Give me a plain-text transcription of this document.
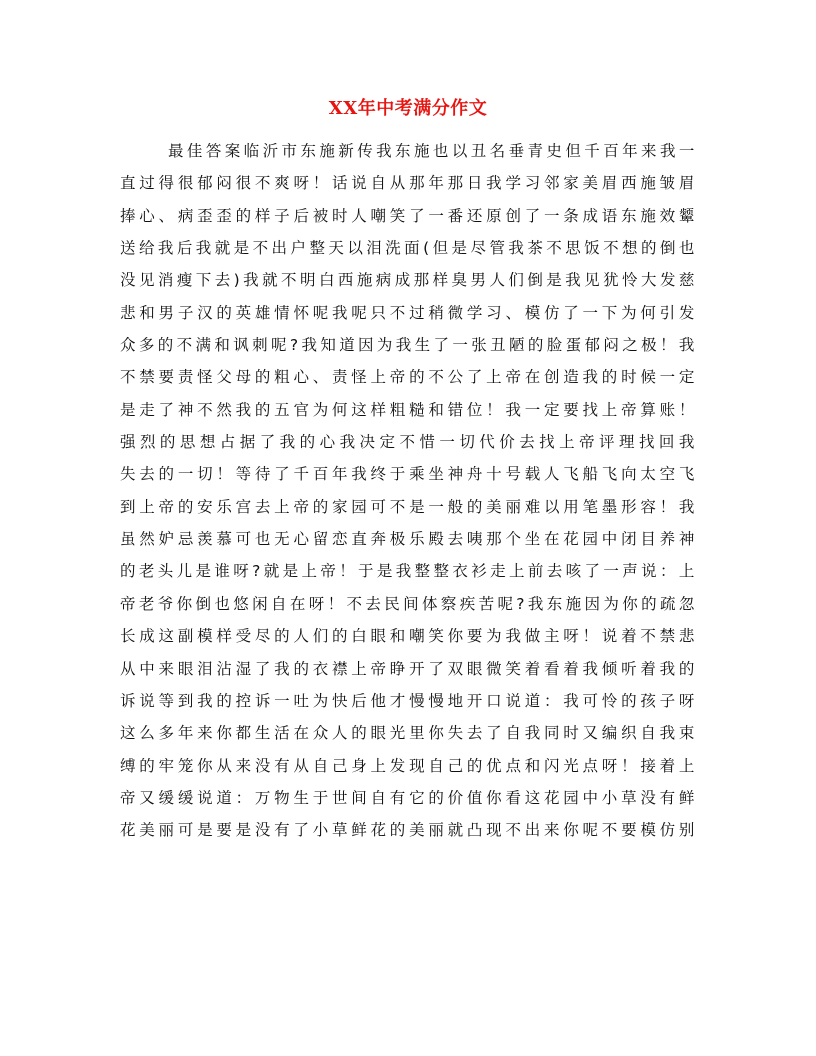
XX年中考满分作文
最佳答案临沂市东施新传我东施也以丑名垂青史但千百年来我一
直过得很郁闷很不爽呀！话说自从那年那日我学习邻家美眉西施皱眉
捧心、病歪歪的样子后被时人嘲笑了一番还原创了一条成语东施效颦
送给我后我就是不出户整天以泪洗面(但是尽管我茶不思饭不想的倒也
没见消瘦下去)我就不明白西施病成那样臭男人们倒是我见犹怜大发慈
悲和男子汉的英雄情怀呢我呢只不过稍微学习、模仿了一下为何引发
众多的不满和讽刺呢?我知道因为我生了一张丑陋的脸蛋郁闷之极！我
不禁要责怪父母的粗心、责怪上帝的不公了上帝在创造我的时候一定
是走了神不然我的五官为何这样粗糙和错位！我一定要找上帝算账！
强烈的思想占据了我的心我决定不惜一切代价去找上帝评理找回我
失去的一切！等待了千百年我终于乘坐神舟十号载人飞船飞向太空飞
到上帝的安乐宫去上帝的家园可不是一般的美丽难以用笔墨形容！我
虽然妒忌羡慕可也无心留恋直奔极乐殿去咦那个坐在花园中闭目养神
的老头儿是谁呀?就是上帝！于是我整整衣衫走上前去咳了一声说：上
帝老爷你倒也悠闲自在呀！不去民间体察疾苦呢?我东施因为你的疏忽
长成这副模样受尽的人们的白眼和嘲笑你要为我做主呀！说着不禁悲
从中来眼泪沾湿了我的衣襟上帝睁开了双眼微笑着看着我倾听着我的
诉说等到我的控诉一吐为快后他才慢慢地开口说道：我可怜的孩子呀
这么多年来你都生活在众人的眼光里你失去了自我同时又编织自我束
缚的牢笼你从来没有从自己身上发现自己的优点和闪光点呀！接着上
帝又缓缓说道：万物生于世间自有它的价值你看这花园中小草没有鲜
花美丽可是要是没有了小草鲜花的美丽就凸现不出来你呢不要模仿别
